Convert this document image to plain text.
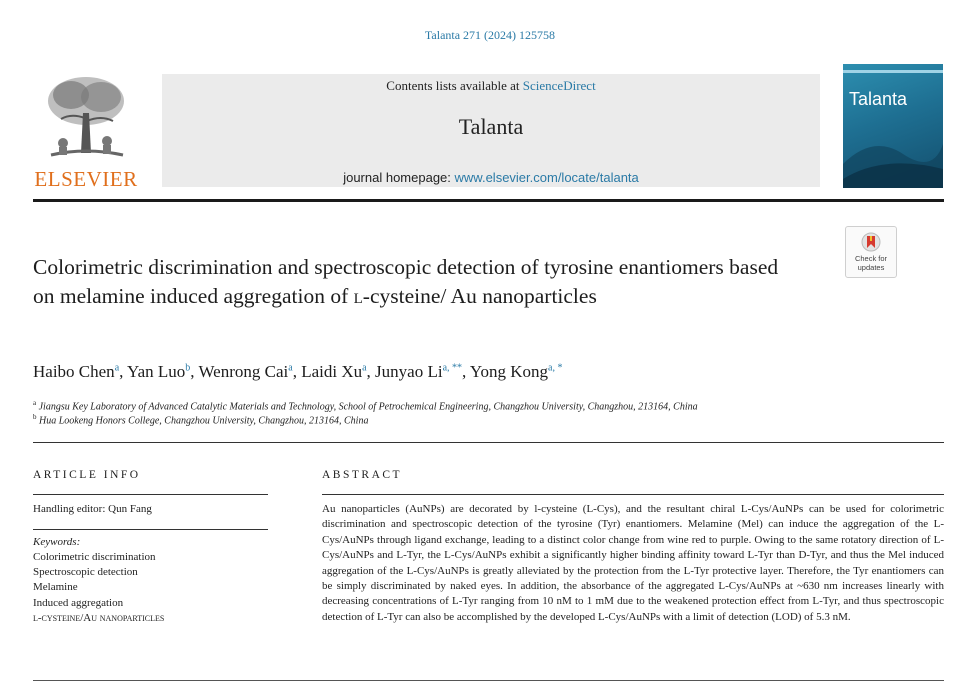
Talanta 271 (2024) 125758
ELSEVIER
Contents lists available at ScienceDirect
Talanta
journal homepage: www.elsevier.com/locate/talanta
Talanta
Colorimetric discrimination and spectroscopic detection of tyrosine enantiomers based on melamine induced aggregation of l-cysteine/ Au nanoparticles
Check for
updates
Haibo Chen$^a$, Yan Luo$^b$, Wenrong Cai$^a$, Laidi Xu$^a$, Junyao $Li^{a, **}$, Yong Kong$^{a, *}$
$^a$ Jiangsu Key Laboratory of Advanced Catalytic Materials and Technology, School of Petrochemical Engineering, Changzhou University, Changzhou, 213164, China
$^b$ Hua Lookeng Honors College, Changzhou University, Changzhou, 213164, China
ARTICLE INFO
Handling editor: Qun Fang
Keywords:
Colorimetric discrimination
Spectroscopic detection
Melamine
Induced aggregation
l-cysteine/Au nanoparticles
ABSTRACT
Au nanoparticles (AuNPs) are decorated by l-cysteine (L-Cys), and the resultant chiral L-Cys/AuNPs can be used for colorimetric discrimination and spectroscopic detection of the tyrosine (Tyr) enantiomers. Melamine (Mel) can induce the aggregation of the L-Cys/AuNPs through ligand exchange, leading to a distinct color change from wine red to purple. Owing to the same rotatory direction of L-Cys/AuNPs and L-Tyr, the L-Cys/AuNPs exhibit a significantly higher binding affinity toward L-Tyr than D-Tyr, and thus the Mel induced aggregation of the L-Cys/AuNPs is greatly alleviated by the protection from the L-Tyr protective layer. Therefore, the Tyr enantiomers can be simply discriminated by naked eyes. In addition, the absorbance of the aggregated L-Cys/AuNPs at ~630 nm increases linearly with decreasing concentrations of L-Tyr ranging from 10 nM to 1 mM due to the weakened protection effect from L-Tyr, and thus spectroscopic detection of L-Tyr can also be accomplished by the developed L-Cys/AuNPs with a limit of detection (LOD) of 5.3 nM.
